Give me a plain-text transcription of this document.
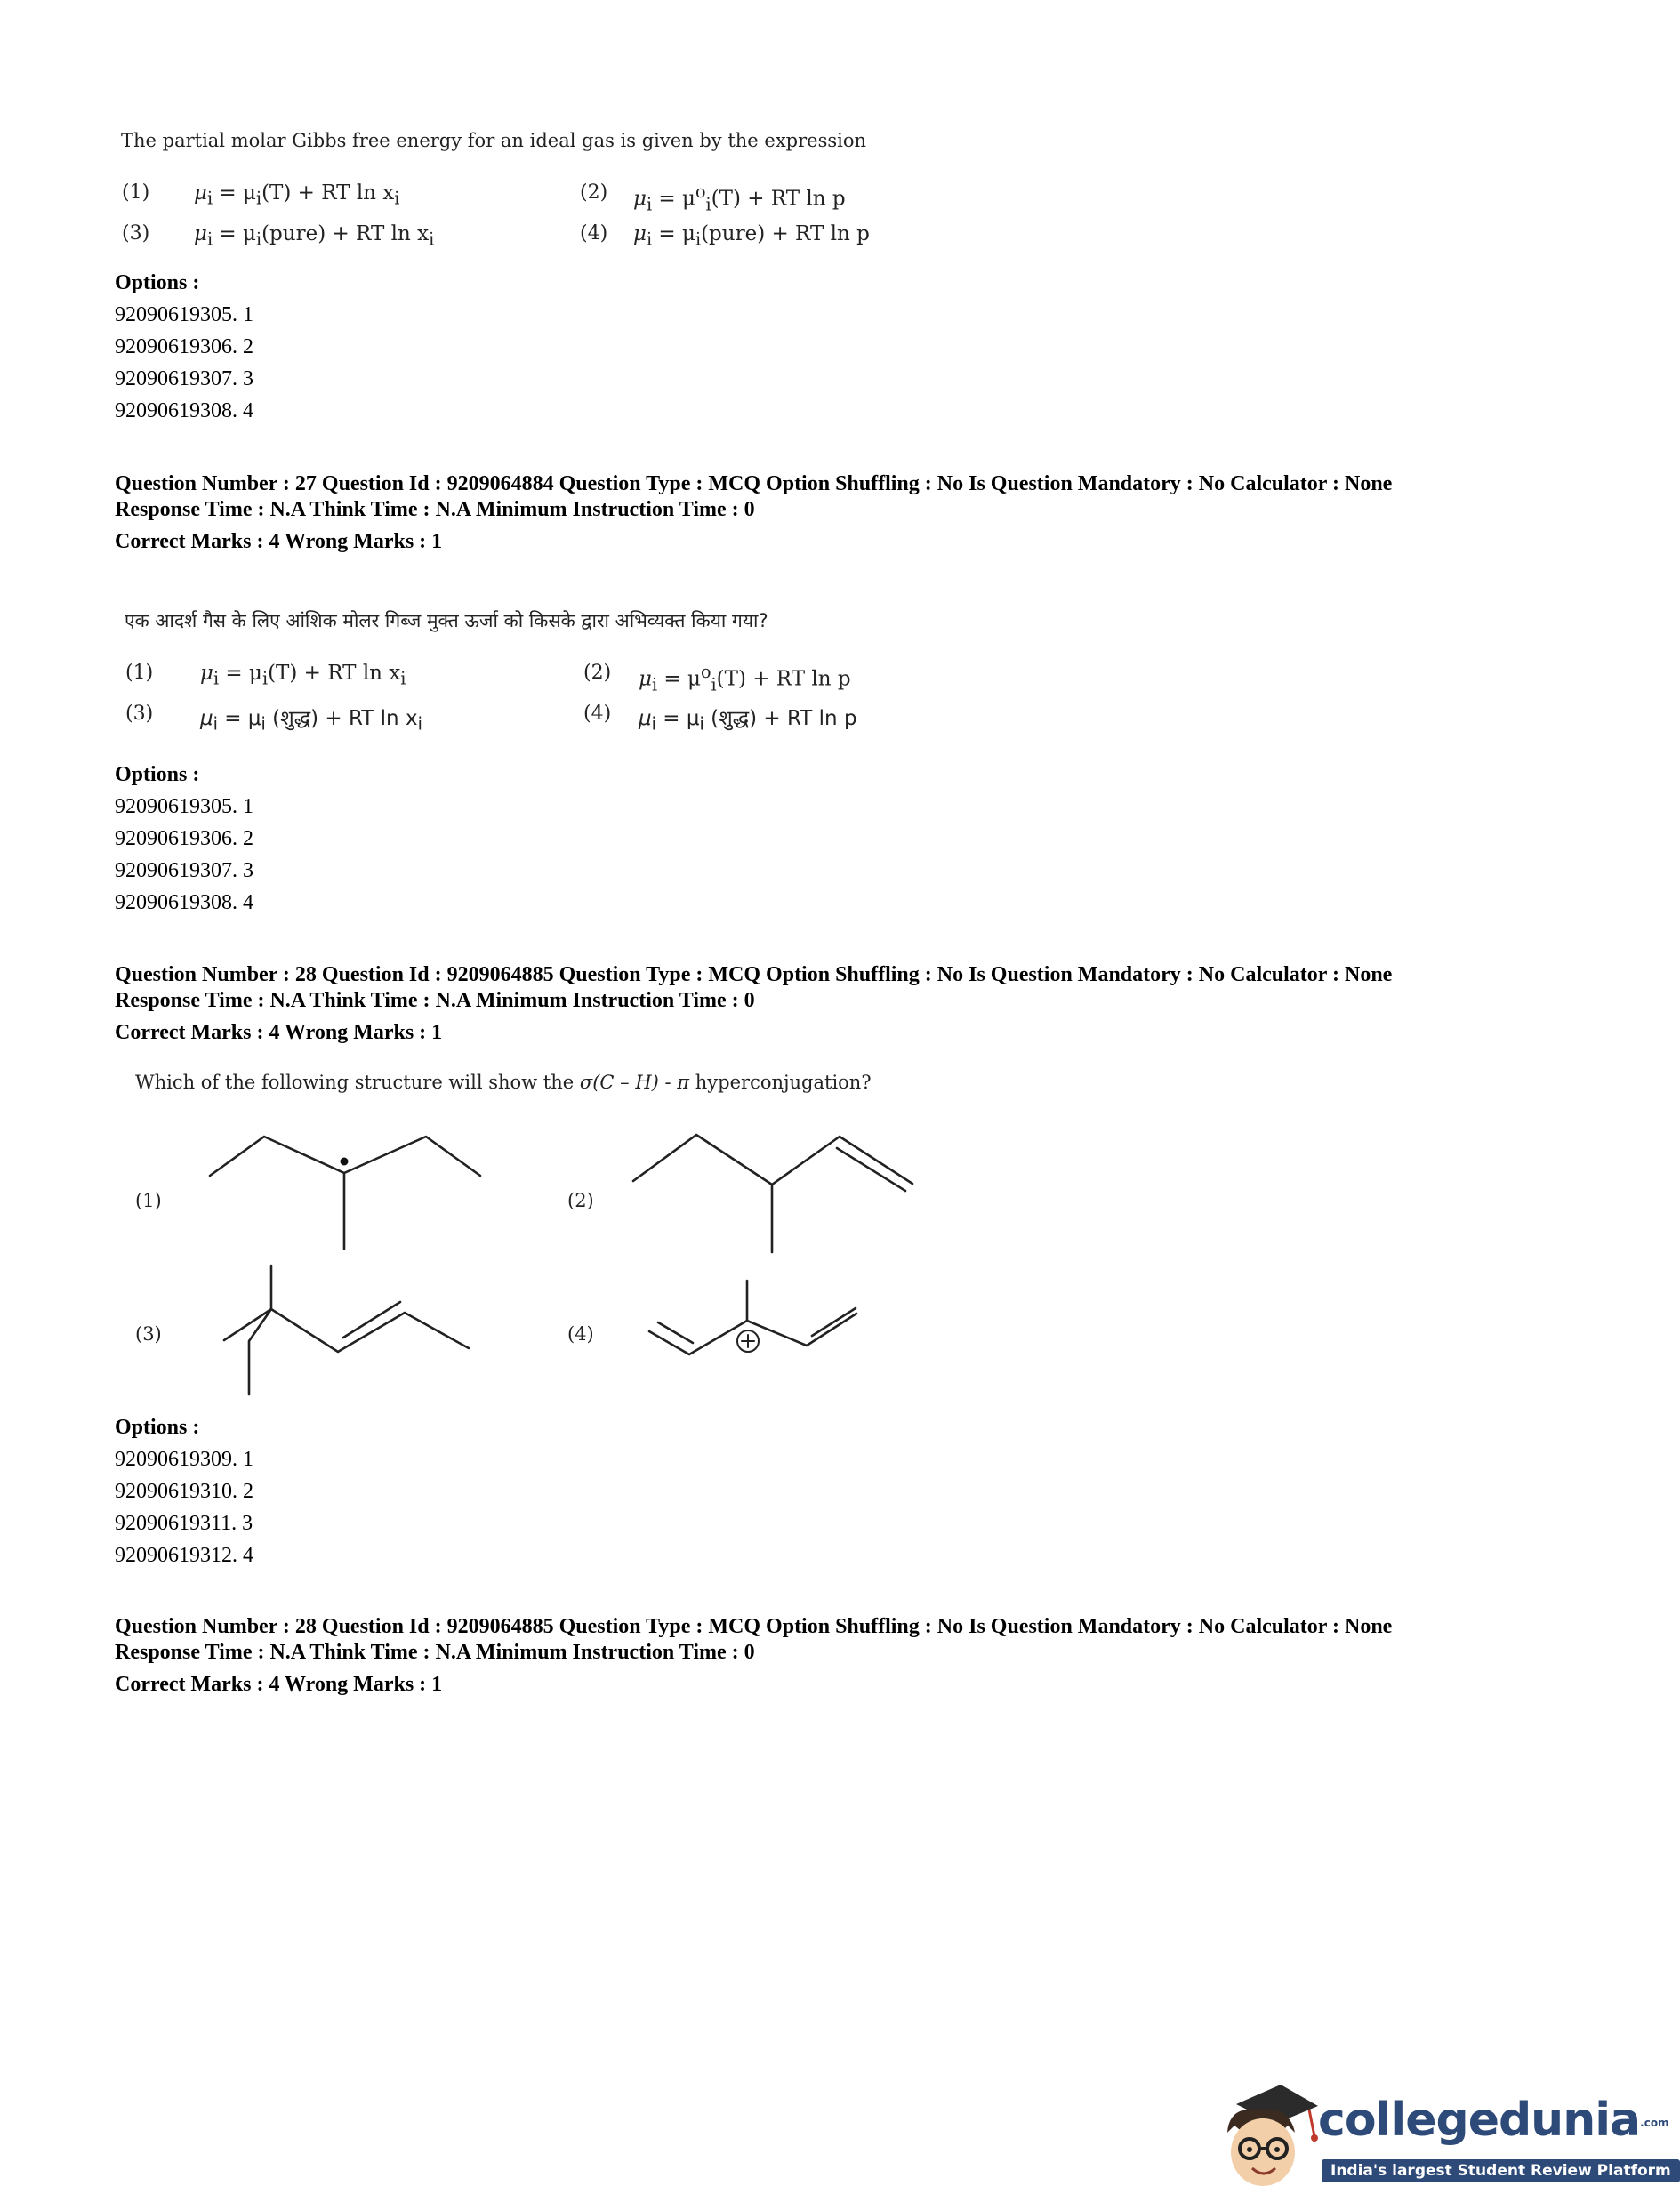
The partial molar Gibbs free energy for an ideal gas is given by the expression
(1) $\mu_i = \mu_i(T)$ + RT $\ln x_i$	(2) $\mu_i = \mu^o_i(T)$ + RT ln p
(3) $\mu_i$ = $\mu_i(pure)$ + RT $\ln x_i$	(4) $\mu_i$ = $\mu_i(pure)$ + RT ln p
Options :
92090619305. 1
92090619306. 2
92090619307. 3
92090619308. 4
Question Number : 27 Question Id : 9209064884 Question Type : MCQ Option Shuffling : No Is Question Mandatory : No Calculator : None
Response Time : N.A Think Time : N.A Minimum Instruction Time : 0
Correct Marks : 4 Wrong Marks : 1
एक आदर्श गैस के लिए आंशिक मोलर गिब्ज मुक्त ऊर्जा को किसके द्वारा अभिव्यक्त किया गया?
(1) $\mu_i = \mu_i(T)$ + RT $\ln x_i$	(2) $\mu_i = \mu^o_i(T)$ + RT ln p
(3) $\mu_i = \mu_i$ (शुद्ध) + RT $\ln x_i$	(4) $\mu_i = \mu_i$ (शुद्ध) + RT ln p
Options :
92090619305. 1
92090619306. 2
92090619307. 3
92090619308. 4
Question Number : 28 Question Id : 9209064885 Question Type : MCQ Option Shuffling : No Is Question Mandatory : No Calculator : None
Response Time : N.A Think Time : N.A Minimum Instruction Time : 0
Correct Marks : 4 Wrong Marks : 1
Which of the following structure will show the σ(C – H) - π hyperconjugation?
(1)	(2)
(3)	(4)
Options :
92090619309. 1
92090619310. 2
92090619311. 3
92090619312. 4
Question Number : 28 Question Id : 9209064885 Question Type : MCQ Option Shuffling : No Is Question Mandatory : No Calculator : None
Response Time : N.A Think Time : N.A Minimum Instruction Time : 0
Correct Marks : 4 Wrong Marks : 1
collegedunia.com
India's largest Student Review Platform
